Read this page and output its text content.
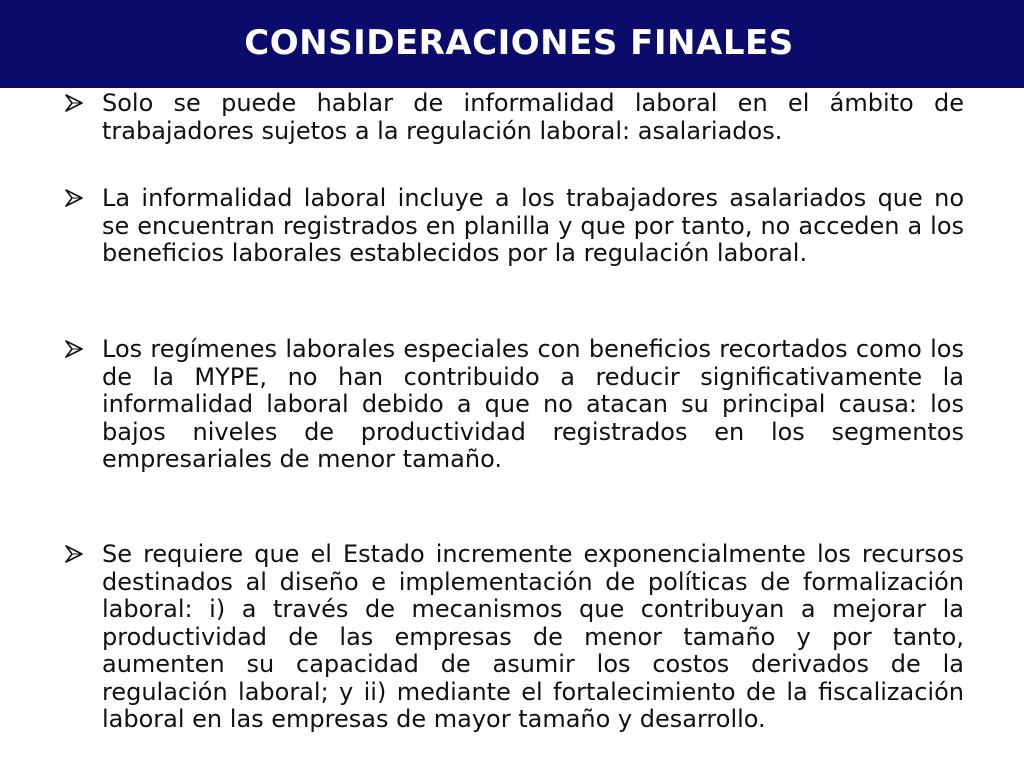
CONSIDERACIONES FINALES
Solo se puede hablar de informalidad laboral en el ámbito de trabajadores sujetos a la regulación laboral: asalariados.
La informalidad laboral incluye a los trabajadores asalariados que no se encuentran registrados en planilla y que por tanto, no acceden a los beneficios laborales establecidos por la regulación laboral.
Los regímenes laborales especiales con beneficios recortados como los de la MYPE, no han contribuido a reducir significativamente la informalidad laboral debido a que no atacan su principal causa: los bajos niveles de productividad registrados en los segmentos empresariales de menor tamaño.
Se requiere que el Estado incremente exponencialmente los recursos destinados al diseño e implementación de políticas de formalización laboral: i) a través de mecanismos que contribuyan a mejorar la productividad de las empresas de menor tamaño y por tanto, aumenten su capacidad de asumir los costos derivados de la regulación laboral; y ii) mediante el fortalecimiento de la fiscalización laboral en las empresas de mayor tamaño y desarrollo.
